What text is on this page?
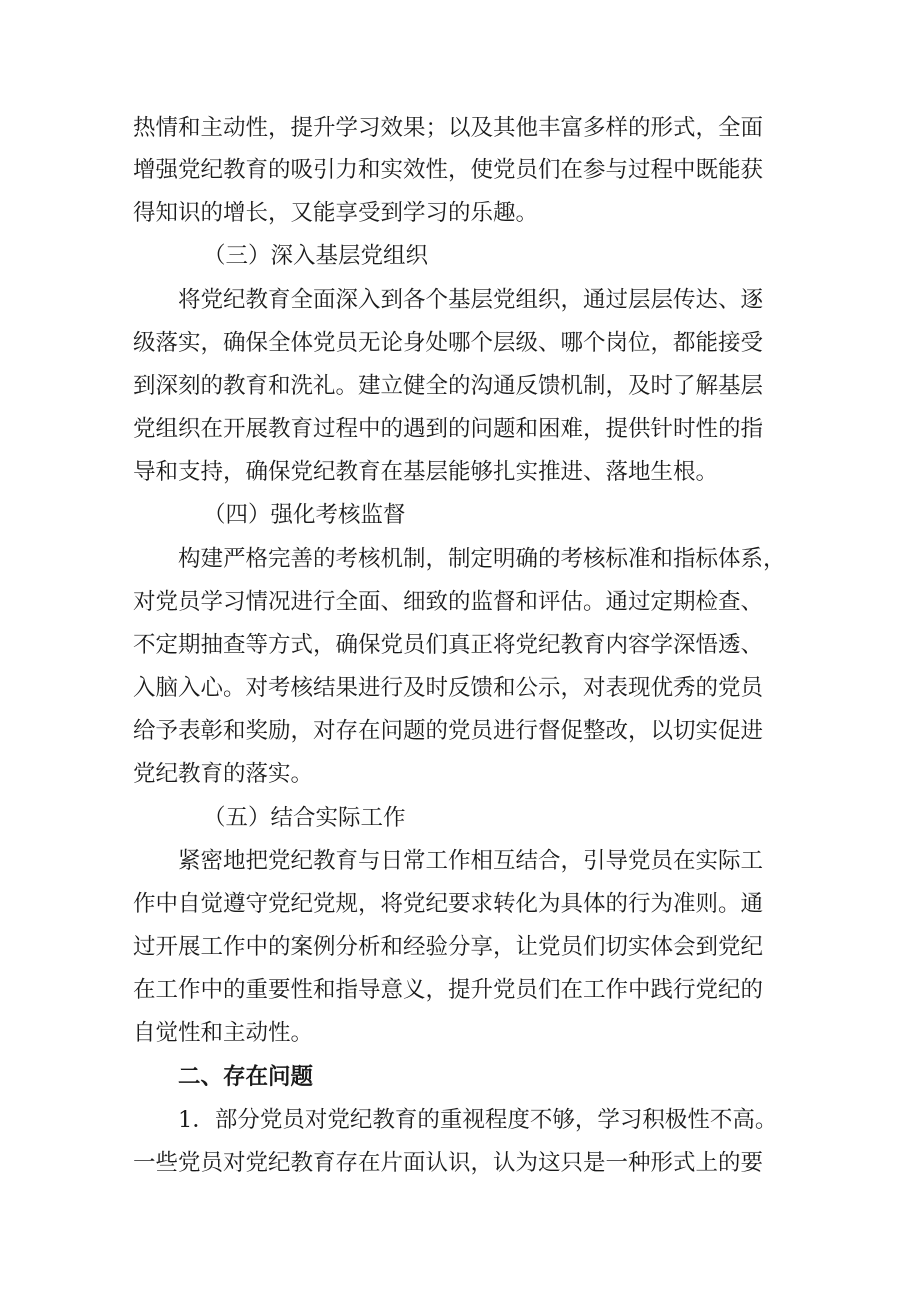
热情和主动性，提升学习效果；以及其他丰富多样的形式，全面
增强党纪教育的吸引力和实效性，使党员们在参与过程中既能获
得知识的增长，又能享受到学习的乐趣。
（三）深入基层党组织
将党纪教育全面深入到各个基层党组织，通过层层传达、逐
级落实，确保全体党员无论身处哪个层级、哪个岗位，都能接受
到深刻的教育和洗礼。建立健全的沟通反馈机制，及时了解基层
党组织在开展教育过程中的遇到的问题和困难，提供针时性的指
导和支持，确保党纪教育在基层能够扎实推进、落地生根。
（四）强化考核监督
构建严格完善的考核机制，制定明确的考核标准和指标体系，
对党员学习情况进行全面、细致的监督和评估。通过定期检查、
不定期抽查等方式，确保党员们真正将党纪教育内容学深悟透、
入脑入心。对考核结果进行及时反馈和公示，对表现优秀的党员
给予表彰和奖励，对存在问题的党员进行督促整改，以切实促进
党纪教育的落实。
（五）结合实际工作
紧密地把党纪教育与日常工作相互结合，引导党员在实际工
作中自觉遵守党纪党规，将党纪要求转化为具体的行为准则。通
过开展工作中的案例分析和经验分享，让党员们切实体会到党纪
在工作中的重要性和指导意义，提升党员们在工作中践行党纪的
自觉性和主动性。
二、存在问题
1．部分党员对党纪教育的重视程度不够，学习积极性不高。
一些党员对党纪教育存在片面认识，认为这只是一种形式上的要
